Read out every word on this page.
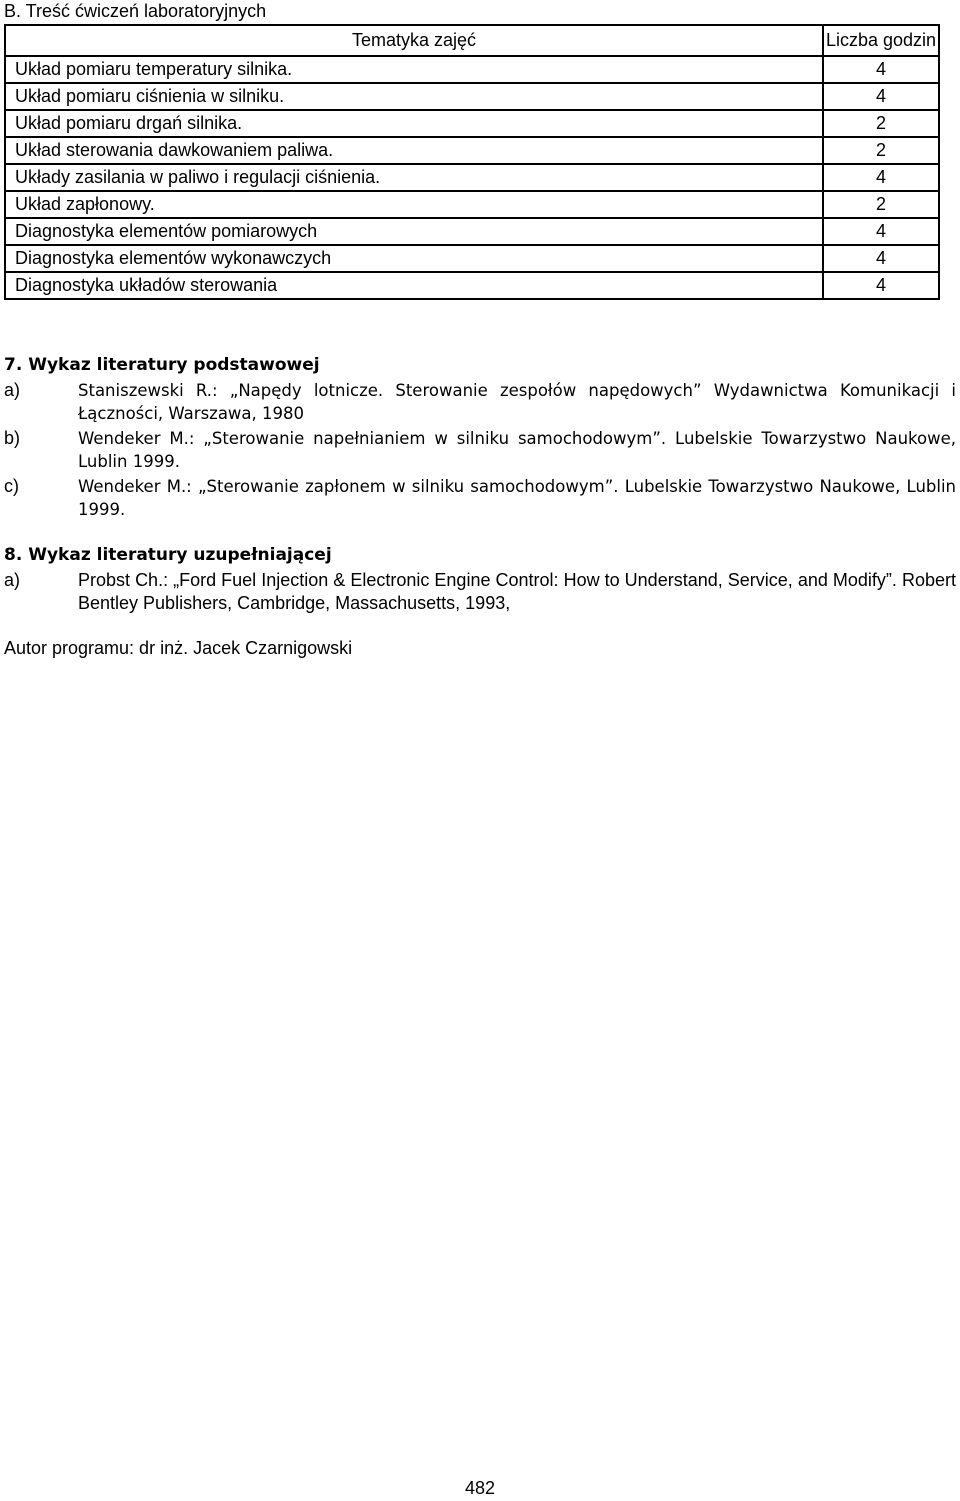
B. Treść ćwiczeń laboratoryjnych
Tematyka zajęć	Liczba godzin
Układ pomiaru temperatury silnika.	4
Układ pomiaru ciśnienia w silniku.	4
Układ pomiaru drgań silnika.	2
Układ sterowania dawkowaniem paliwa.	2
Układy zasilania w paliwo i regulacji ciśnienia.	4
Układ zapłonowy.	2
Diagnostyka elementów pomiarowych	4
Diagnostyka elementów wykonawczych	4
Diagnostyka układów sterowania	4
7. Wykaz literatury podstawowej
a)	Staniszewski R.: „Napędy lotnicze. Sterowanie zespołów napędowych” Wydawnictwa Komunikacji i Łączności, Warszawa, 1980
b)	Wendeker M.: „Sterowanie napełnianiem w silniku samochodowym”. Lubelskie Towarzystwo Naukowe, Lublin 1999.
c)	Wendeker M.: „Sterowanie zapłonem w silniku samochodowym”. Lubelskie Towarzystwo Naukowe, Lublin 1999.
8. Wykaz literatury uzupełniającej
a)	Probst Ch.: „Ford Fuel Injection & Electronic Engine Control: How to Understand, Service, and Modify”. Robert Bentley Publishers, Cambridge, Massachusetts, 1993,
Autor programu: dr inż. Jacek Czarnigowski
482
